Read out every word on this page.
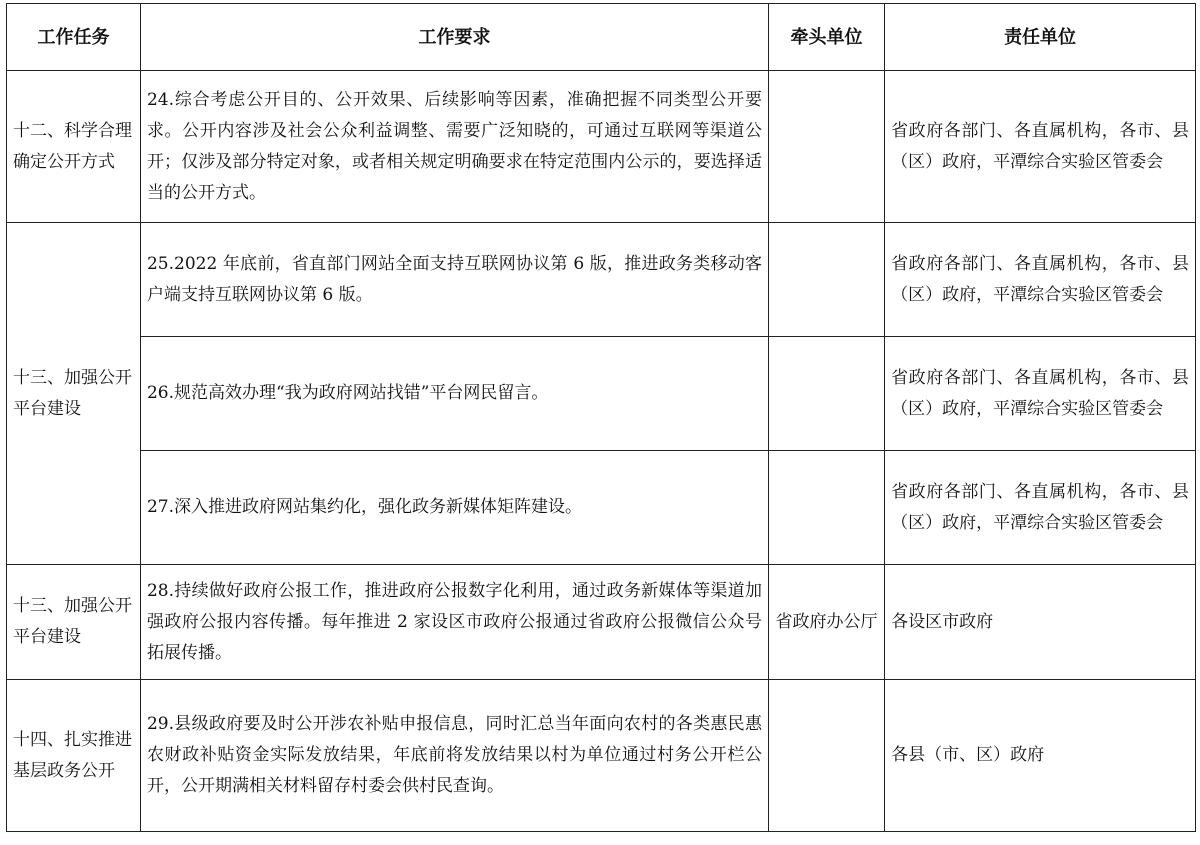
工作任务	工作要求	牵头单位	责任单位
十二、科学合理确定公开方式	24.综合考虑公开目的、公开效果、后续影响等因素，准确把握不同类型公开要求。公开内容涉及社会公众利益调整、需要广泛知晓的，可通过互联网等渠道公开；仅涉及部分特定对象，或者相关规定明确要求在特定范围内公示的，要选择适当的公开方式。		省政府各部门、各直属机构，各市、县（区）政府，平潭综合实验区管委会
十三、加强公开平台建设	25.2022 年底前，省直部门网站全面支持互联网协议第 6 版，推进政务类移动客户端支持互联网协议第 6 版。		省政府各部门、各直属机构，各市、县（区）政府，平潭综合实验区管委会
	26.规范高效办理“我为政府网站找错”平台网民留言。		省政府各部门、各直属机构，各市、县（区）政府，平潭综合实验区管委会
	27.深入推进政府网站集约化，强化政务新媒体矩阵建设。		省政府各部门、各直属机构，各市、县（区）政府，平潭综合实验区管委会
十三、加强公开平台建设	28.持续做好政府公报工作，推进政府公报数字化利用，通过政务新媒体等渠道加强政府公报内容传播。每年推进 2 家设区市政府公报通过省政府公报微信公众号拓展传播。	省政府办公厅	各设区市政府
十四、扎实推进基层政务公开	29.县级政府要及时公开涉农补贴申报信息，同时汇总当年面向农村的各类惠民惠农财政补贴资金实际发放结果，年底前将发放结果以村为单位通过村务公开栏公开，公开期满相关材料留存村委会供村民查询。		各县（市、区）政府
